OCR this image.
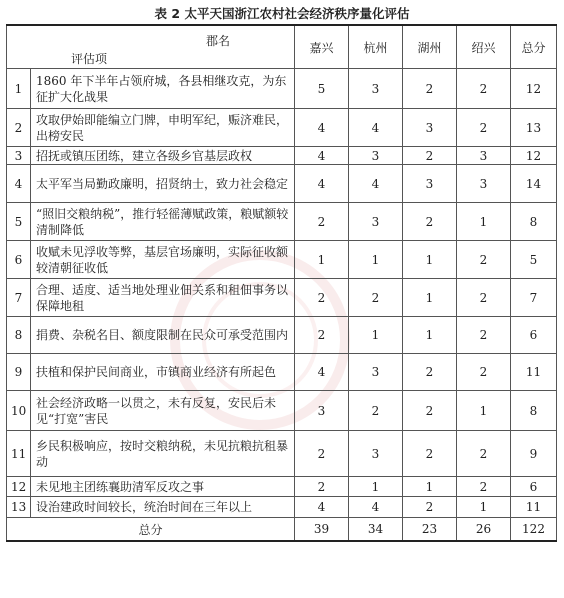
表 2 太平天国浙江农村社会经济秩序量化评估
郡名
评估项		嘉兴	杭州	湖州	绍兴	总分
1	1860 年下半年占领府城，各县相继攻克，为东征扩大化战果	5	3	2	2	12
2	攻取伊始即能编立门牌，申明军纪，赈济难民，出榜安民	4	4	3	2	13
3	招抚或镇压团练，建立各级乡官基层政权	4	3	2	3	12
4	太平军当局勤政廉明，招贤纳士，致力社会稳定	4	4	3	3	14
5	“照旧交粮纳税”，推行轻徭薄赋政策，粮赋额较清制降低	2	3	2	1	8
6	收赋未见浮收等弊，基层官场廉明，实际征收额较清朝征收低	1	1	1	2	5
7	合理、适度、适当地处理业佃关系和租佃事务以保障地租	2	2	1	2	7
8	捐费、杂税名目、额度限制在民众可承受范围内	2	1	1	2	6
9	扶植和保护民间商业，市镇商业经济有所起色	4	3	2	2	11
10	社会经济政略一以贯之，未有反复，安民后未见“打宽”害民	3	2	2	1	8
11	乡民积极响应，按时交粮纳税，未见抗粮抗租暴动	2	3	2	2	9
12	未见地主团练襄助清军反攻之事	2	1	1	2	6
13	设治建政时间较长，统治时间在三年以上	4	4	2	1	11
总分		39	34	23	26	122
